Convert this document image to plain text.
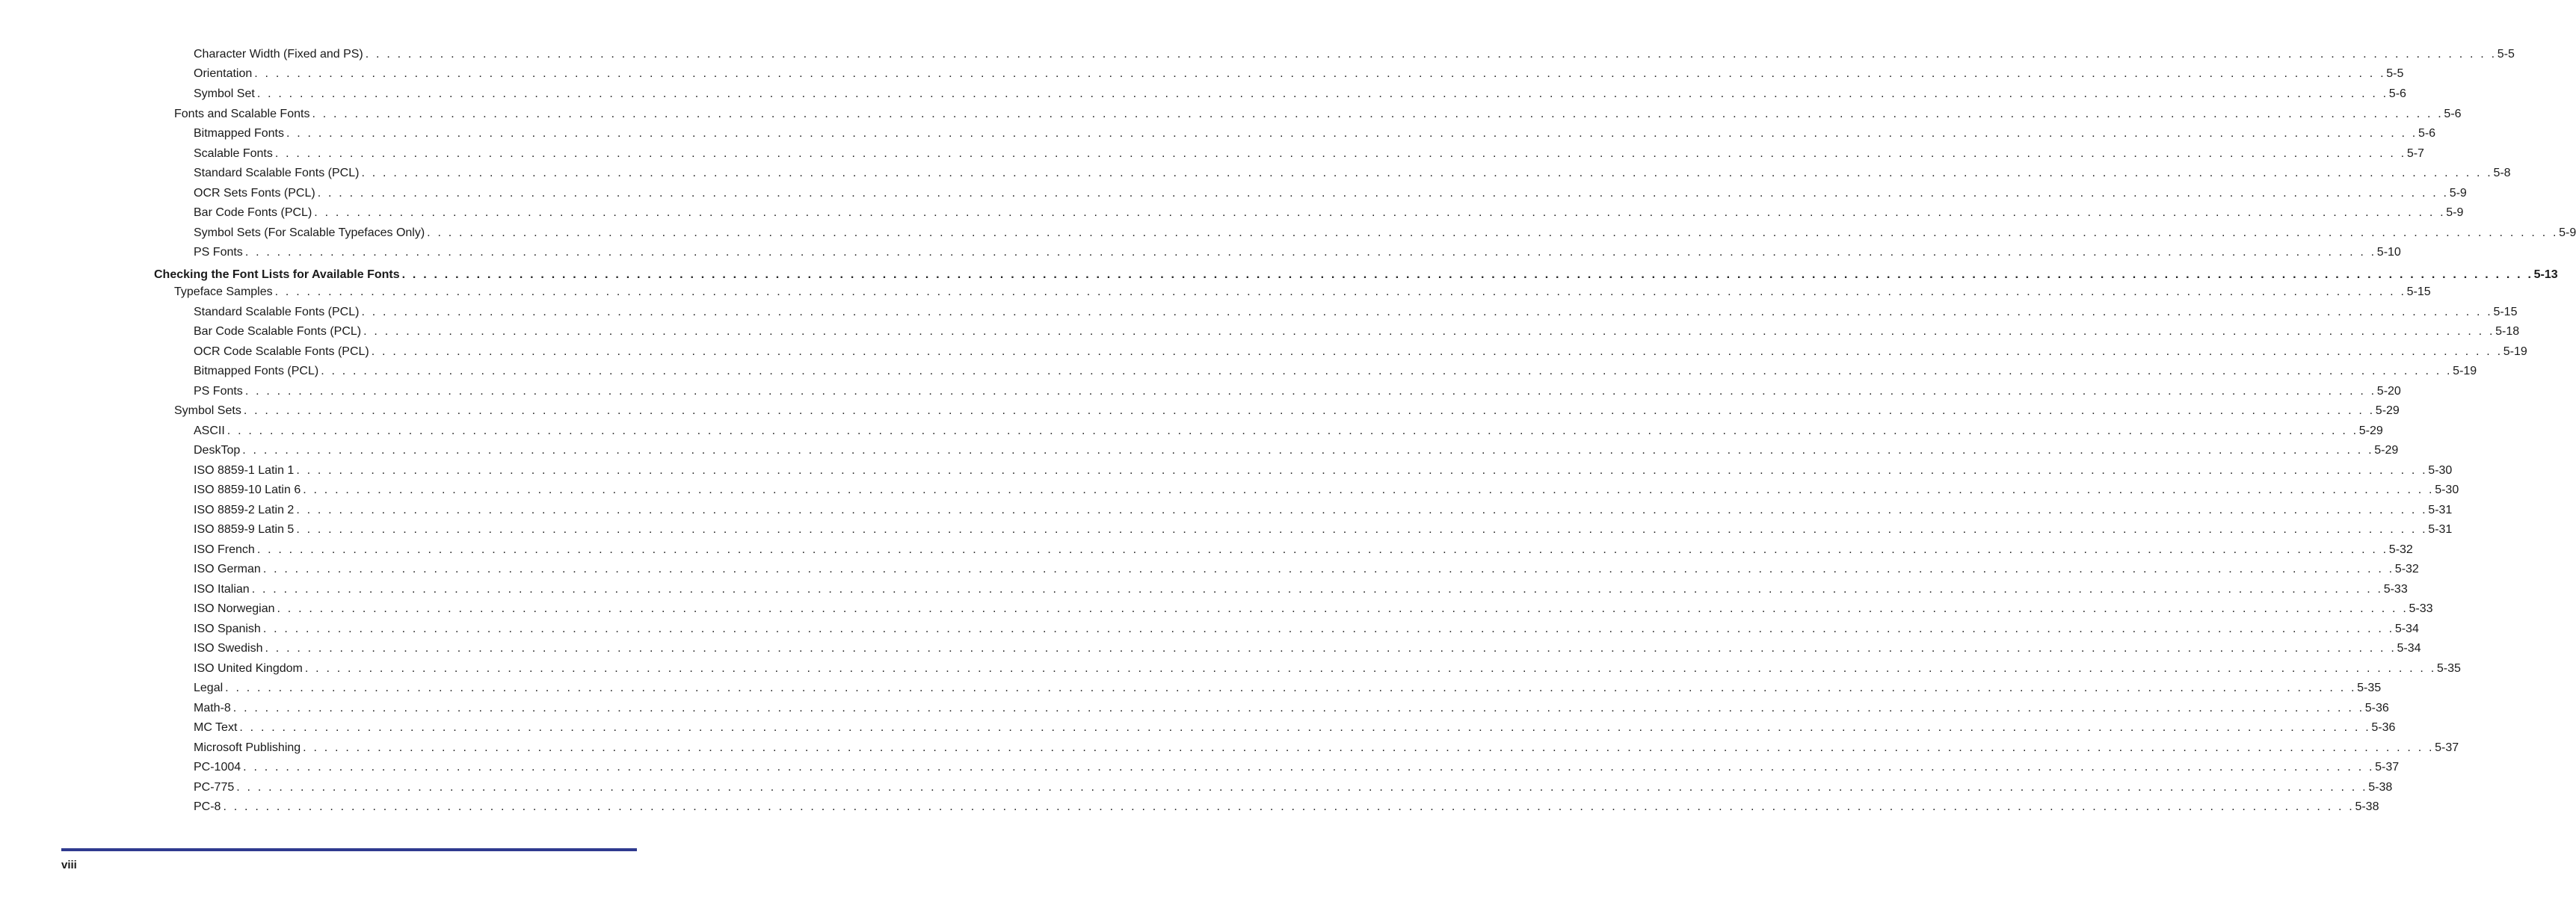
Character Width (Fixed and PS) . . . . . . . . . . . . . . . . . . . . . . . . . . . . . . . . . . . . . . . . . . . . . . . . . . . . . . . . . . . . . . . . . . . . . . . . . . . . . . . . . . . . . . . . . . . . . . . . . . . . . . . . . . . . . . . . . . . . . . . . . . . . . . . . . . . . . . . . . . . . . . . . . . . . . . . . . . . . . . . . . . . . . . . . . . . . . . . . . . . . . . . . . . . . . . . . . . . . . . . . 5-5
Orientation . . . . . . . . . . . . . . . . . . . . . . . . . . . . . . . . . . . . . . . . . . . . . . . . . . . . . . . . . . . . . . . . . . . . . . . . . . . . . . . . . . . . . . . . . . . . . . . . . . . . . . . . . . . . . . . . . . . . . . . . . . . . . . . . . . . . . . . . . . . . . . . . . . . . . . . . . . . . . . . . . . . . . . . . . . . . . . . . . . . . . . . . . . . . . . . . . . . . . . . . 5-5
Symbol Set . . . . . . . . . . . . . . . . . . . . . . . . . . . . . . . . . . . . . . . . . . . . . . . . . . . . . . . . . . . . . . . . . . . . . . . . . . . . . . . . . . . . . . . . . . . . . . . . . . . . . . . . . . . . . . . . . . . . . . . . . . . . . . . . . . . . . . . . . . . . . . . . . . . . . . . . . . . . . . . . . . . . . . . . . . . . . . . . . . . . . . . . . . . . . . . . . . . . . . . . 5-6
Fonts and Scalable Fonts . . . . . . . . . . . . . . . . . . . . . . . . . . . . . . . . . . . . . . . . . . . . . . . . . . . . . . . . . . . . . . . . . . . . . . . . . . . . . . . . . . . . . . . . . . . . . . . . . . . . . . . . . . . . . . . . . . . . . . . . . . . . . . . . . . . . . . . . . . . . . . . . . . . . . . . . . . . . . . . . . . . . . . . . . . . . . . . . . . . . . . . . . . . . . . . . . . . . . . . . 5-6
Bitmapped Fonts . . . . . . . . . . . . . . . . . . . . . . . . . . . . . . . . . . . . . . . . . . . . . . . . . . . . . . . . . . . . . . . . . . . . . . . . . . . . . . . . . . . . . . . . . . . . . . . . . . . . . . . . . . . . . . . . . . . . . . . . . . . . . . . . . . . . . . . . . . . . . . . . . . . . . . . . . . . . . . . . . . . . . . . . . . . . . . . . . . . . . . . . . . . . . . . . . . . . . . . . 5-6
Scalable Fonts . . . . . . . . . . . . . . . . . . . . . . . . . . . . . . . . . . . . . . . . . . . . . . . . . . . . . . . . . . . . . . . . . . . . . . . . . . . . . . . . . . . . . . . . . . . . . . . . . . . . . . . . . . . . . . . . . . . . . . . . . . . . . . . . . . . . . . . . . . . . . . . . . . . . . . . . . . . . . . . . . . . . . . . . . . . . . . . . . . . . . . . . . . . . . . . . . . . . . . . . 5-7
Standard Scalable Fonts (PCL) . . . . . . . . . . . . . . . . . . . . . . . . . . . . . . . . . . . . . . . . . . . . . . . . . . . . . . . . . . . . . . . . . . . . . . . . . . . . . . . . . . . . . . . . . . . . . . . . . . . . . . . . . . . . . . . . . . . . . . . . . . . . . . . . . . . . . . . . . . . . . . . . . . . . . . . . . . . . . . . . . . . . . . . . . . . . . . . . . . . . . . . . . . . . . . . . . . . . . . . . 5-8
OCR Sets Fonts (PCL) . . . . . . . . . . . . . . . . . . . . . . . . . . . . . . . . . . . . . . . . . . . . . . . . . . . . . . . . . . . . . . . . . . . . . . . . . . . . . . . . . . . . . . . . . . . . . . . . . . . . . . . . . . . . . . . . . . . . . . . . . . . . . . . . . . . . . . . . . . . . . . . . . . . . . . . . . . . . . . . . . . . . . . . . . . . . . . . . . . . . . . . . . . . . . . . . . . . . . . . . 5-9
Bar Code Fonts (PCL) . . . . . . . . . . . . . . . . . . . . . . . . . . . . . . . . . . . . . . . . . . . . . . . . . . . . . . . . . . . . . . . . . . . . . . . . . . . . . . . . . . . . . . . . . . . . . . . . . . . . . . . . . . . . . . . . . . . . . . . . . . . . . . . . . . . . . . . . . . . . . . . . . . . . . . . . . . . . . . . . . . . . . . . . . . . . . . . . . . . . . . . . . . . . . . . . . . . . . . . . 5-9
Symbol Sets (For Scalable Typefaces Only) . . . . . . . . . . . . . . . . . . . . . . . . . . . . . . . . . . . . . . . . . . . . . . . . . . . . . . . . . . . . . . . . . . . . . . . . . . . . . . . . . . . . . . . . . . . . . . . . . . . . . . . . . . . . . . . . . . . . . . . . . . . . . . . . . . . . . . . . . . . . . . . . . . . . . . . . . . . . . . . . . . . . . . . . . . . . . . . . . . . . . . . . . . . . . . . . . . . . . . . . 5-9
PS Fonts . . . . . . . . . . . . . . . . . . . . . . . . . . . . . . . . . . . . . . . . . . . . . . . . . . . . . . . . . . . . . . . . . . . . . . . . . . . . . . . . . . . . . . . . . . . . . . . . . . . . . . . . . . . . . . . . . . . . . . . . . . . . . . . . . . . . . . . . . . . . . . . . . . . . . . . . . . . . . . . . . . . . . . . . . . . . . . . . . . . . . . . . . . . . . . . . . . . . . . . . 5-10
Checking the Font Lists for Available Fonts . . . . . . . . . . . . . . . . . . . . . . . . . . . . . . . . . . . . . . . . . . . . . . . . . . . . . . . . . . . . . . . . . . . . . . . . . . . . . . . . . . . . . . . . . . . . . . . . . . . . . . . . . . . . . . . . . . . . . . . . . . . . . . . . . . . . . . . . . . . . . . . . . . . . . . . . . . . . . . . . . . . . . . . . . . . . . . . . . . . . . . . . . . . . . . . . . . . . . . . . 5-13
Typeface Samples . . . . . . . . . . . . . . . . . . . . . . . . . . . . . . . . . . . . . . . . . . . . . . . . . . . . . . . . . . . . . . . . . . . . . . . . . . . . . . . . . . . . . . . . . . . . . . . . . . . . . . . . . . . . . . . . . . . . . . . . . . . . . . . . . . . . . . . . . . . . . . . . . . . . . . . . . . . . . . . . . . . . . . . . . . . . . . . . . . . . . . . . . . . . . . . . . . . . . . . . 5-15
Standard Scalable Fonts (PCL) . . . . . . . . . . . . . . . . . . . . . . . . . . . . . . . . . . . . . . . . . . . . . . . . . . . . . . . . . . . . . . . . . . . . . . . . . . . . . . . . . . . . . . . . . . . . . . . . . . . . . . . . . . . . . . . . . . . . . . . . . . . . . . . . . . . . . . . . . . . . . . . . . . . . . . . . . . . . . . . . . . . . . . . . . . . . . . . . . . . . . . . . . . . . . . . . . . . . . . . . 5-15
Bar Code Scalable Fonts (PCL) . . . . . . . . . . . . . . . . . . . . . . . . . . . . . . . . . . . . . . . . . . . . . . . . . . . . . . . . . . . . . . . . . . . . . . . . . . . . . . . . . . . . . . . . . . . . . . . . . . . . . . . . . . . . . . . . . . . . . . . . . . . . . . . . . . . . . . . . . . . . . . . . . . . . . . . . . . . . . . . . . . . . . . . . . . . . . . . . . . . . . . . . . . . . . . . . . . . . . . . . 5-18
OCR Code Scalable Fonts (PCL) . . . . . . . . . . . . . . . . . . . . . . . . . . . . . . . . . . . . . . . . . . . . . . . . . . . . . . . . . . . . . . . . . . . . . . . . . . . . . . . . . . . . . . . . . . . . . . . . . . . . . . . . . . . . . . . . . . . . . . . . . . . . . . . . . . . . . . . . . . . . . . . . . . . . . . . . . . . . . . . . . . . . . . . . . . . . . . . . . . . . . . . . . . . . . . . . . . . . . . . . 5-19
Bitmapped Fonts (PCL) . . . . . . . . . . . . . . . . . . . . . . . . . . . . . . . . . . . . . . . . . . . . . . . . . . . . . . . . . . . . . . . . . . . . . . . . . . . . . . . . . . . . . . . . . . . . . . . . . . . . . . . . . . . . . . . . . . . . . . . . . . . . . . . . . . . . . . . . . . . . . . . . . . . . . . . . . . . . . . . . . . . . . . . . . . . . . . . . . . . . . . . . . . . . . . . . . . . . . . . . 5-19
PS Fonts . . . . . . . . . . . . . . . . . . . . . . . . . . . . . . . . . . . . . . . . . . . . . . . . . . . . . . . . . . . . . . . . . . . . . . . . . . . . . . . . . . . . . . . . . . . . . . . . . . . . . . . . . . . . . . . . . . . . . . . . . . . . . . . . . . . . . . . . . . . . . . . . . . . . . . . . . . . . . . . . . . . . . . . . . . . . . . . . . . . . . . . . . . . . . . . . . . . . . . . . 5-20
Symbol Sets . . . . . . . . . . . . . . . . . . . . . . . . . . . . . . . . . . . . . . . . . . . . . . . . . . . . . . . . . . . . . . . . . . . . . . . . . . . . . . . . . . . . . . . . . . . . . . . . . . . . . . . . . . . . . . . . . . . . . . . . . . . . . . . . . . . . . . . . . . . . . . . . . . . . . . . . . . . . . . . . . . . . . . . . . . . . . . . . . . . . . . . . . . . . . . . . . . . . . . . . 5-29
ASCII . . . . . . . . . . . . . . . . . . . . . . . . . . . . . . . . . . . . . . . . . . . . . . . . . . . . . . . . . . . . . . . . . . . . . . . . . . . . . . . . . . . . . . . . . . . . . . . . . . . . . . . . . . . . . . . . . . . . . . . . . . . . . . . . . . . . . . . . . . . . . . . . . . . . . . . . . . . . . . . . . . . . . . . . . . . . . . . . . . . . . . . . . . . . . . . . . . . . . . . . 5-29
DeskTop . . . . . . . . . . . . . . . . . . . . . . . . . . . . . . . . . . . . . . . . . . . . . . . . . . . . . . . . . . . . . . . . . . . . . . . . . . . . . . . . . . . . . . . . . . . . . . . . . . . . . . . . . . . . . . . . . . . . . . . . . . . . . . . . . . . . . . . . . . . . . . . . . . . . . . . . . . . . . . . . . . . . . . . . . . . . . . . . . . . . . . . . . . . . . . . . . . . . . . . . 5-29
ISO 8859-1 Latin 1 . . . . . . . . . . . . . . . . . . . . . . . . . . . . . . . . . . . . . . . . . . . . . . . . . . . . . . . . . . . . . . . . . . . . . . . . . . . . . . . . . . . . . . . . . . . . . . . . . . . . . . . . . . . . . . . . . . . . . . . . . . . . . . . . . . . . . . . . . . . . . . . . . . . . . . . . . . . . . . . . . . . . . . . . . . . . . . . . . . . . . . . . . . . . . . . . . . . . . . . . 5-30
ISO 8859-10 Latin 6 . . . . . . . . . . . . . . . . . . . . . . . . . . . . . . . . . . . . . . . . . . . . . . . . . . . . . . . . . . . . . . . . . . . . . . . . . . . . . . . . . . . . . . . . . . . . . . . . . . . . . . . . . . . . . . . . . . . . . . . . . . . . . . . . . . . . . . . . . . . . . . . . . . . . . . . . . . . . . . . . . . . . . . . . . . . . . . . . . . . . . . . . . . . . . . . . . . . . . . . . 5-30
ISO 8859-2 Latin 2 . . . . . . . . . . . . . . . . . . . . . . . . . . . . . . . . . . . . . . . . . . . . . . . . . . . . . . . . . . . . . . . . . . . . . . . . . . . . . . . . . . . . . . . . . . . . . . . . . . . . . . . . . . . . . . . . . . . . . . . . . . . . . . . . . . . . . . . . . . . . . . . . . . . . . . . . . . . . . . . . . . . . . . . . . . . . . . . . . . . . . . . . . . . . . . . . . . . . . . . . 5-31
ISO 8859-9 Latin 5 . . . . . . . . . . . . . . . . . . . . . . . . . . . . . . . . . . . . . . . . . . . . . . . . . . . . . . . . . . . . . . . . . . . . . . . . . . . . . . . . . . . . . . . . . . . . . . . . . . . . . . . . . . . . . . . . . . . . . . . . . . . . . . . . . . . . . . . . . . . . . . . . . . . . . . . . . . . . . . . . . . . . . . . . . . . . . . . . . . . . . . . . . . . . . . . . . . . . . . . . 5-31
ISO French . . . . . . . . . . . . . . . . . . . . . . . . . . . . . . . . . . . . . . . . . . . . . . . . . . . . . . . . . . . . . . . . . . . . . . . . . . . . . . . . . . . . . . . . . . . . . . . . . . . . . . . . . . . . . . . . . . . . . . . . . . . . . . . . . . . . . . . . . . . . . . . . . . . . . . . . . . . . . . . . . . . . . . . . . . . . . . . . . . . . . . . . . . . . . . . . . . . . . . . . 5-32
ISO German . . . . . . . . . . . . . . . . . . . . . . . . . . . . . . . . . . . . . . . . . . . . . . . . . . . . . . . . . . . . . . . . . . . . . . . . . . . . . . . . . . . . . . . . . . . . . . . . . . . . . . . . . . . . . . . . . . . . . . . . . . . . . . . . . . . . . . . . . . . . . . . . . . . . . . . . . . . . . . . . . . . . . . . . . . . . . . . . . . . . . . . . . . . . . . . . . . . . . . . . 5-32
ISO Italian . . . . . . . . . . . . . . . . . . . . . . . . . . . . . . . . . . . . . . . . . . . . . . . . . . . . . . . . . . . . . . . . . . . . . . . . . . . . . . . . . . . . . . . . . . . . . . . . . . . . . . . . . . . . . . . . . . . . . . . . . . . . . . . . . . . . . . . . . . . . . . . . . . . . . . . . . . . . . . . . . . . . . . . . . . . . . . . . . . . . . . . . . . . . . . . . . . . . . . . . 5-33
ISO Norwegian . . . . . . . . . . . . . . . . . . . . . . . . . . . . . . . . . . . . . . . . . . . . . . . . . . . . . . . . . . . . . . . . . . . . . . . . . . . . . . . . . . . . . . . . . . . . . . . . . . . . . . . . . . . . . . . . . . . . . . . . . . . . . . . . . . . . . . . . . . . . . . . . . . . . . . . . . . . . . . . . . . . . . . . . . . . . . . . . . . . . . . . . . . . . . . . . . . . . . . . . 5-33
ISO Spanish . . . . . . . . . . . . . . . . . . . . . . . . . . . . . . . . . . . . . . . . . . . . . . . . . . . . . . . . . . . . . . . . . . . . . . . . . . . . . . . . . . . . . . . . . . . . . . . . . . . . . . . . . . . . . . . . . . . . . . . . . . . . . . . . . . . . . . . . . . . . . . . . . . . . . . . . . . . . . . . . . . . . . . . . . . . . . . . . . . . . . . . . . . . . . . . . . . . . . . . . 5-34
ISO Swedish . . . . . . . . . . . . . . . . . . . . . . . . . . . . . . . . . . . . . . . . . . . . . . . . . . . . . . . . . . . . . . . . . . . . . . . . . . . . . . . . . . . . . . . . . . . . . . . . . . . . . . . . . . . . . . . . . . . . . . . . . . . . . . . . . . . . . . . . . . . . . . . . . . . . . . . . . . . . . . . . . . . . . . . . . . . . . . . . . . . . . . . . . . . . . . . . . . . . . . . . 5-34
ISO United Kingdom . . . . . . . . . . . . . . . . . . . . . . . . . . . . . . . . . . . . . . . . . . . . . . . . . . . . . . . . . . . . . . . . . . . . . . . . . . . . . . . . . . . . . . . . . . . . . . . . . . . . . . . . . . . . . . . . . . . . . . . . . . . . . . . . . . . . . . . . . . . . . . . . . . . . . . . . . . . . . . . . . . . . . . . . . . . . . . . . . . . . . . . . . . . . . . . . . . . . . . . . 5-35
Legal . . . . . . . . . . . . . . . . . . . . . . . . . . . . . . . . . . . . . . . . . . . . . . . . . . . . . . . . . . . . . . . . . . . . . . . . . . . . . . . . . . . . . . . . . . . . . . . . . . . . . . . . . . . . . . . . . . . . . . . . . . . . . . . . . . . . . . . . . . . . . . . . . . . . . . . . . . . . . . . . . . . . . . . . . . . . . . . . . . . . . . . . . . . . . . . . . . . . . . . . 5-35
Math-8 . . . . . . . . . . . . . . . . . . . . . . . . . . . . . . . . . . . . . . . . . . . . . . . . . . . . . . . . . . . . . . . . . . . . . . . . . . . . . . . . . . . . . . . . . . . . . . . . . . . . . . . . . . . . . . . . . . . . . . . . . . . . . . . . . . . . . . . . . . . . . . . . . . . . . . . . . . . . . . . . . . . . . . . . . . . . . . . . . . . . . . . . . . . . . . . . . . . . . . . . 5-36
MC Text . . . . . . . . . . . . . . . . . . . . . . . . . . . . . . . . . . . . . . . . . . . . . . . . . . . . . . . . . . . . . . . . . . . . . . . . . . . . . . . . . . . . . . . . . . . . . . . . . . . . . . . . . . . . . . . . . . . . . . . . . . . . . . . . . . . . . . . . . . . . . . . . . . . . . . . . . . . . . . . . . . . . . . . . . . . . . . . . . . . . . . . . . . . . . . . . . . . . . . . . 5-36
Microsoft Publishing . . . . . . . . . . . . . . . . . . . . . . . . . . . . . . . . . . . . . . . . . . . . . . . . . . . . . . . . . . . . . . . . . . . . . . . . . . . . . . . . . . . . . . . . . . . . . . . . . . . . . . . . . . . . . . . . . . . . . . . . . . . . . . . . . . . . . . . . . . . . . . . . . . . . . . . . . . . . . . . . . . . . . . . . . . . . . . . . . . . . . . . . . . . . . . . . . . . . . . . . 5-37
PC-1004 . . . . . . . . . . . . . . . . . . . . . . . . . . . . . . . . . . . . . . . . . . . . . . . . . . . . . . . . . . . . . . . . . . . . . . . . . . . . . . . . . . . . . . . . . . . . . . . . . . . . . . . . . . . . . . . . . . . . . . . . . . . . . . . . . . . . . . . . . . . . . . . . . . . . . . . . . . . . . . . . . . . . . . . . . . . . . . . . . . . . . . . . . . . . . . . . . . . . . . . . 5-37
PC-775 . . . . . . . . . . . . . . . . . . . . . . . . . . . . . . . . . . . . . . . . . . . . . . . . . . . . . . . . . . . . . . . . . . . . . . . . . . . . . . . . . . . . . . . . . . . . . . . . . . . . . . . . . . . . . . . . . . . . . . . . . . . . . . . . . . . . . . . . . . . . . . . . . . . . . . . . . . . . . . . . . . . . . . . . . . . . . . . . . . . . . . . . . . . . . . . . . . . . . . . . 5-38
PC-8 . . . . . . . . . . . . . . . . . . . . . . . . . . . . . . . . . . . . . . . . . . . . . . . . . . . . . . . . . . . . . . . . . . . . . . . . . . . . . . . . . . . . . . . . . . . . . . . . . . . . . . . . . . . . . . . . . . . . . . . . . . . . . . . . . . . . . . . . . . . . . . . . . . . . . . . . . . . . . . . . . . . . . . . . . . . . . . . . . . . . . . . . . . . . . . . . . . . . . . . . 5-38
viii
